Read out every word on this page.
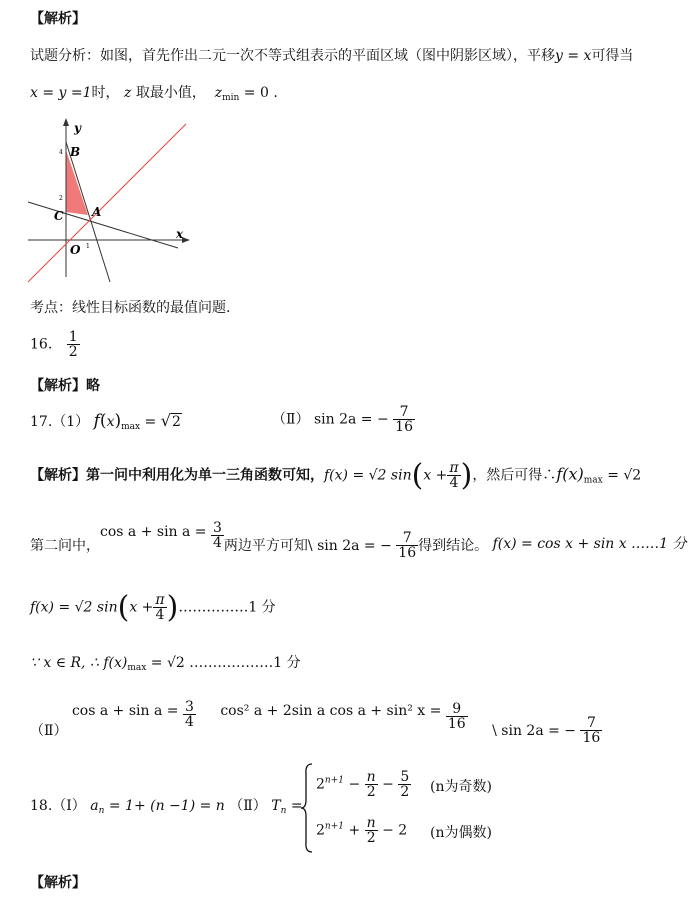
【解析】
试题分析：如图，首先作出二元一次不等式组表示的平面区域（图中阴影区域），平移y = x可得当
x = y =1时， z 取最小值， $z_{min} = 0$ .
y
x
B
C A
O
4
2
1
考点：线性目标函数的最值问题.
16. $\frac{1}{2}$
【解析】略
17.（1） $f(x)_{max} = √2$	（Ⅱ） sin 2a = − $\frac{7}{16}$
【解析】第一问中利用化为单一三角函数可知，f(x) = √2 $\sin(x + \frac{\pi}{4}$ )，然后可得$\therefore f(x)_{max} = √2$
第二问中，$\cos a + \sin a = \frac{3}{4}$ 两边平方可知\ sin 2a = − $\frac{7}{16}$ 得到结论。 f(x) = cos x + sin x ……1 分
f(x) = √2 $\sin(x + \frac{\pi}{4}$ )……………1 分
∵ x ∈ R, ∴ $f(x)_{max} = √2$ ………………1 分
（Ⅱ） $\cos a + \sin a = \frac{3}{4} \cos^2$ a + 2sin a cos a + sin² $x = \frac{9}{16}$ \ sin 2a = − $\frac{7}{16}$
18.（Ⅰ） $a_n = 1+ (n -1) = n$ （Ⅱ） $T_n$ =
$2^{n+1} - \frac{n}{2} - \frac{5}{2} (n$为奇数)
$2^{n+1} + \frac{n}{2} - 2$ (n为偶数)
【解析】
